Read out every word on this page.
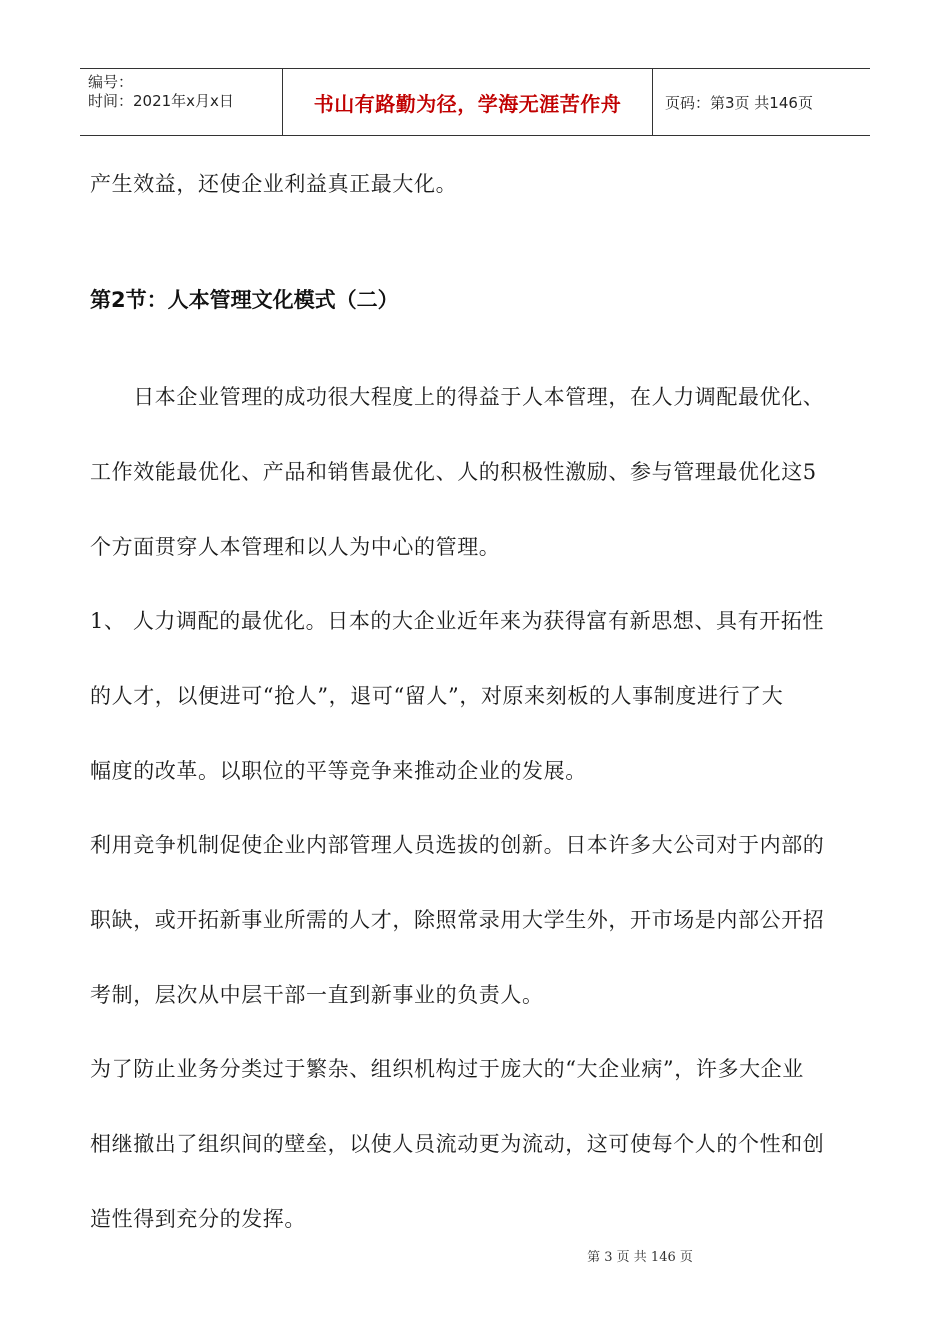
编号：
时间：2021年x月x日	书山有路勤为径，学海无涯苦作舟	页码：第3页 共146页
产生效益，还使企业利益真正最大化。
第2节：人本管理文化模式（二）
　　日本企业管理的成功很大程度上的得益于人本管理，在人力调配最优化、
工作效能最优化、产品和销售最优化、人的积极性激励、参与管理最优化这5
个方面贯穿人本管理和以人为中心的管理。
1、 人力调配的最优化。日本的大企业近年来为获得富有新思想、具有开拓性
的人才，以便进可“抢人”，退可“留人”，对原来刻板的人事制度进行了大
幅度的改革。以职位的平等竞争来推动企业的发展。
利用竞争机制促使企业内部管理人员选拔的创新。日本许多大公司对于内部的
职缺，或开拓新事业所需的人才，除照常录用大学生外，开市场是内部公开招
考制，层次从中层干部一直到新事业的负责人。
为了防止业务分类过于繁杂、组织机构过于庞大的“大企业病”，许多大企业
相继撤出了组织间的壁垒，以使人员流动更为流动，这可使每个人的个性和创
造性得到充分的发挥。
第 3 页 共 146 页
